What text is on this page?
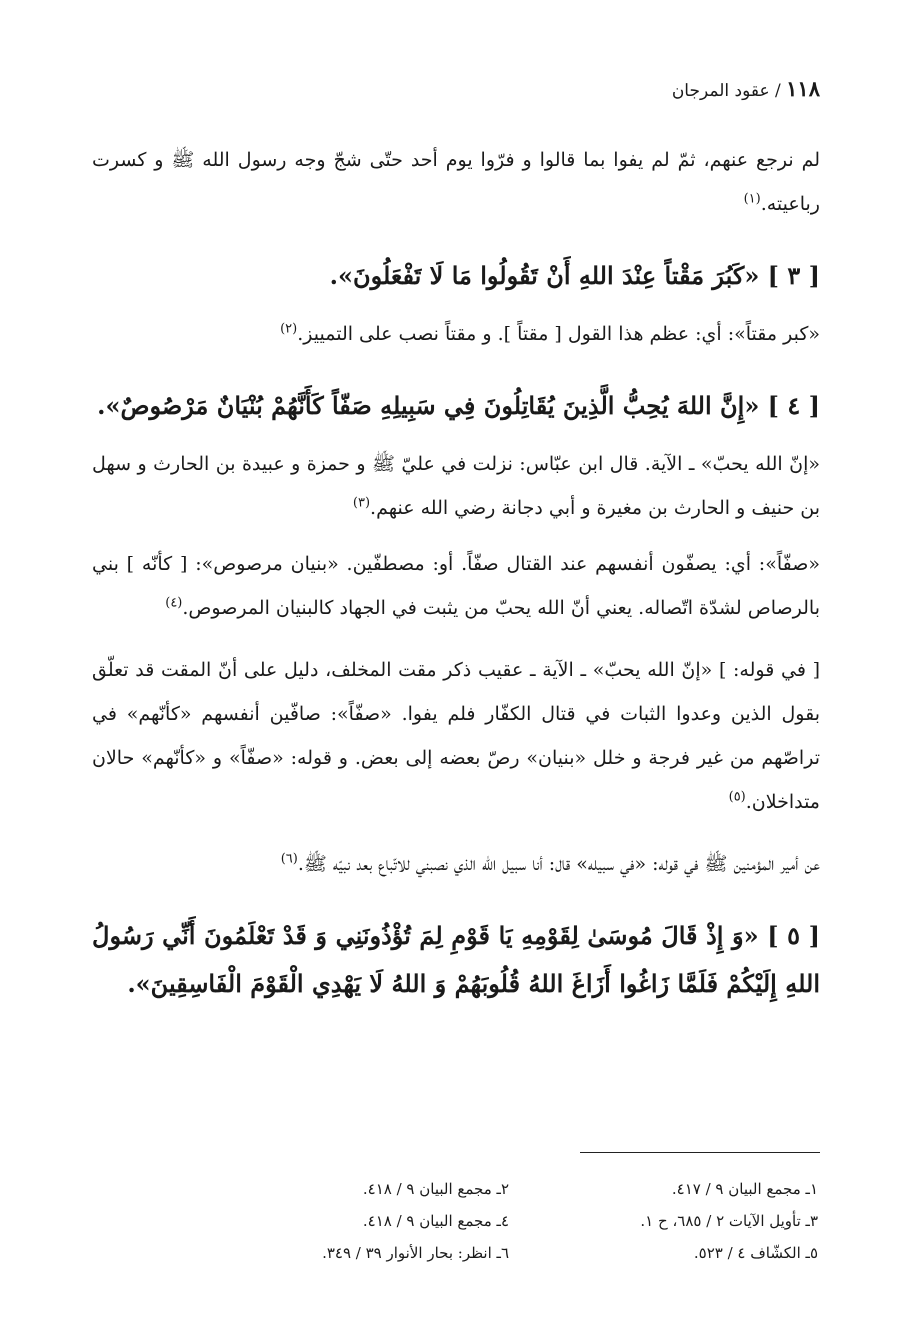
١١٨ / عقود المرجان

لم نرجع عنهم، ثمّ لم يفوا بما قالوا و فرّوا يوم أحد حتّى شجّ وجه رسول الله ﷺ و كسرت رباعيته.$^{(١)}$

[ ٣ ] «كَبُرَ مَقْتاً عِنْدَ اللهِ أَنْ تَقُولُوا مَا لَا تَفْعَلُونَ».

«كبر مقتاً»: أي: عظم هذا القول [ مقتاً ]. و مقتاً نصب على التمييز.$^{(٢)}$

[ ٤ ] «إِنَّ اللهَ يُحِبُّ الَّذِينَ يُقَاتِلُونَ فِي سَبِيلِهِ صَفّاً كَأَنَّهُمْ بُنْيَانٌ مَرْصُوصٌ».

«إنّ الله يحبّ» ـ الآية. قال ابن عبّاس: نزلت في عليّ ﷺ و حمزة و عبيدة بن الحارث و سهل بن حنيف و الحارث بن مغيرة و أبي دجانة رضي الله عنهم.$^{(٣)}$

«صفّاً»: أي: يصفّون أنفسهم عند القتال صفّاً. أو: مصطفّين. «بنيان مرصوص»: [ كأنّه ] بني بالرصاص لشدّة اتّصاله. يعني أنّ الله يحبّ من يثبت في الجهاد كالبنيان المرصوص.$^{(٤)}$

[ في قوله: ] «إنّ الله يحبّ» ـ الآية ـ عقيب ذكر مقت المخلف، دليل على أنّ المقت قد تعلّق بقول الذين وعدوا الثبات في قتال الكفّار فلم يفوا. «صفّاً»: صافّين أنفسهم «كأنّهم» في تراصّهم من غير فرجة و خلل «بنيان» رصّ بعضه إلى بعض. و قوله: «صفّاً» و «كأنّهم» حالان متداخلان.$^{(٥)}$

عن أمير المؤمنين ﷺ في قوله: «في سبيله» قال: أنا سبيل الله الذي نصبني للاتّباع بعد نبيّه ﷺ.$^{(٦)}$

[ ٥ ] «وَ إِذْ قَالَ مُوسَىٰ لِقَوْمِهِ يَا قَوْمِ لِمَ تُؤْذُونَنِي وَ قَدْ تَعْلَمُونَ أَنِّي رَسُولُ اللهِ إِلَيْكُمْ فَلَمَّا زَاغُوا أَزَاغَ اللهُ قُلُوبَهُمْ وَ اللهُ لَا يَهْدِي الْقَوْمَ الْفَاسِقِينَ».

١ـ مجمع البيان ٩ / ٤١٧.
٢ـ مجمع البيان ٩ / ٤١٨.
٣ـ تأويل الآيات ٢ / ٦٨٥، ح ١.
٤ـ مجمع البيان ٩ / ٤١٨.
٥ـ الكشّاف ٤ / ٥٢٣.
٦ـ انظر: بحار الأنوار ٣٩ / ٣٤٩.
